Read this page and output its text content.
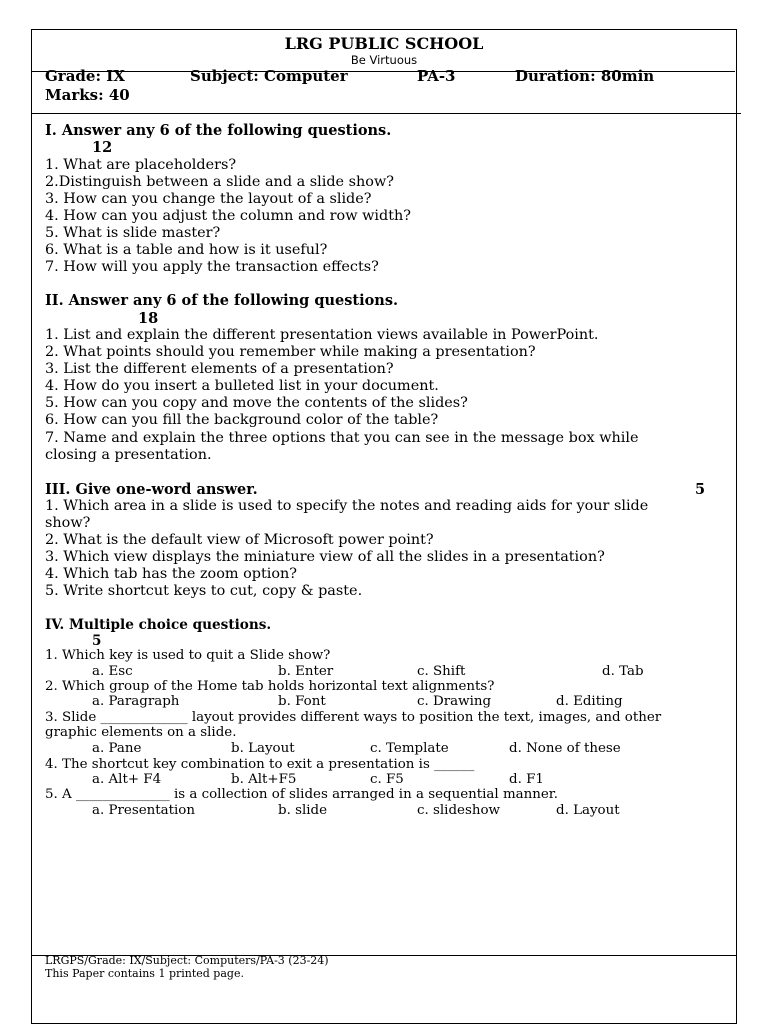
LRG PUBLIC SCHOOL
Be Virtuous
Grade: IX	Subject: Computer	PA-3	Duration: 80min
Marks: 40
I. Answer any 6 of the following questions.
12
1. What are placeholders?
2.Distinguish between a slide and a slide show?
3. How can you change the layout of a slide?
4. How can you adjust the column and row width?
5. What is slide master?
6. What is a table and how is it useful?
7. How will you apply the transaction effects?
II. Answer any 6 of the following questions.
18
1. List and explain the different presentation views available in PowerPoint.
2. What points should you remember while making a presentation?
3. List the different elements of a presentation?
4. How do you insert a bulleted list in your document.
5. How can you copy and move the contents of the slides?
6. How can you fill the background color of the table?
7. Name and explain the three options that you can see in the message box while
closing a presentation.
III. Give one-word answer.	5
1. Which area in a slide is used to specify the notes and reading aids for your slide
show?
2. What is the default view of Microsoft power point?
3. Which view displays the miniature view of all the slides in a presentation?
4. Which tab has the zoom option?
5. Write shortcut keys to cut, copy & paste.
IV. Multiple choice questions.
5
1. Which key is used to quit a Slide show?
a. Esc	b. Enter	c. Shift	d. Tab
2. Which group of the Home tab holds horizontal text alignments?
a. Paragraph	b. Font	c. Drawing	d. Editing
3. Slide _____________ layout provides different ways to position the text, images, and other
graphic elements on a slide.
a. Pane	b. Layout	c. Template	d. None of these
4. The shortcut key combination to exit a presentation is ______
a. Alt+ F4	b. Alt+F5	c. F5	d. F1
5. A ______________ is a collection of slides arranged in a sequential manner.
a. Presentation	b. slide	c. slideshow	d. Layout
LRGPS/Grade: IX/Subject: Computers/PA-3 (23-24)
This Paper contains 1 printed page.
